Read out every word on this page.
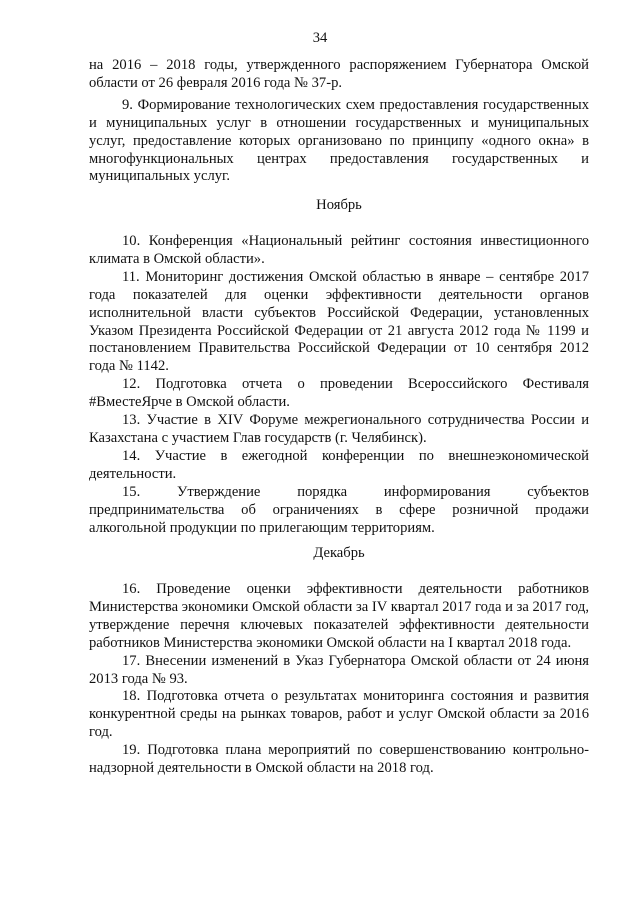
34

на 2016 – 2018 годы, утвержденного распоряжением Губернатора Омской области от 26 февраля 2016 года № 37-р.

9. Формирование технологических схем предоставления государственных и муниципальных услуг в отношении государственных и муниципальных услуг, предоставление которых организовано по принципу «одного окна» в многофункциональных центрах предоставления государственных и муниципальных услуг.

Ноябрь

10. Конференция «Национальный рейтинг состояния инвестиционного климата в Омской области».

11. Мониторинг достижения Омской областью в январе – сентябре 2017 года показателей для оценки эффективности деятельности органов исполнительной власти субъектов Российской Федерации, установленных Указом Президента Российской Федерации от 21 августа 2012 года № 1199 и постановлением Правительства Российской Федерации от 10 сентября 2012 года № 1142.

12. Подготовка отчета о проведении Всероссийского Фестиваля #ВместеЯрче в Омской области.

13. Участие в XIV Форуме межрегионального сотрудничества России и Казахстана с участием Глав государств (г. Челябинск).

14. Участие в ежегодной конференции по внешнеэкономической деятельности.

15. Утверждение порядка информирования субъектов предпринимательства об ограничениях в сфере розничной продажи алкогольной продукции по прилегающим территориям.

Декабрь

16. Проведение оценки эффективности деятельности работников Министерства экономики Омской области за IV квартал 2017 года и за 2017 год, утверждение перечня ключевых показателей эффективности деятельности работников Министерства экономики Омской области на I квартал 2018 года.

17. Внесении изменений в Указ Губернатора Омской области от 24 июня 2013 года № 93.

18. Подготовка отчета о результатах мониторинга состояния и развития конкурентной среды на рынках товаров, работ и услуг Омской области за 2016 год.

19. Подготовка плана мероприятий по совершенствованию контрольно-надзорной деятельности в Омской области на 2018 год.
